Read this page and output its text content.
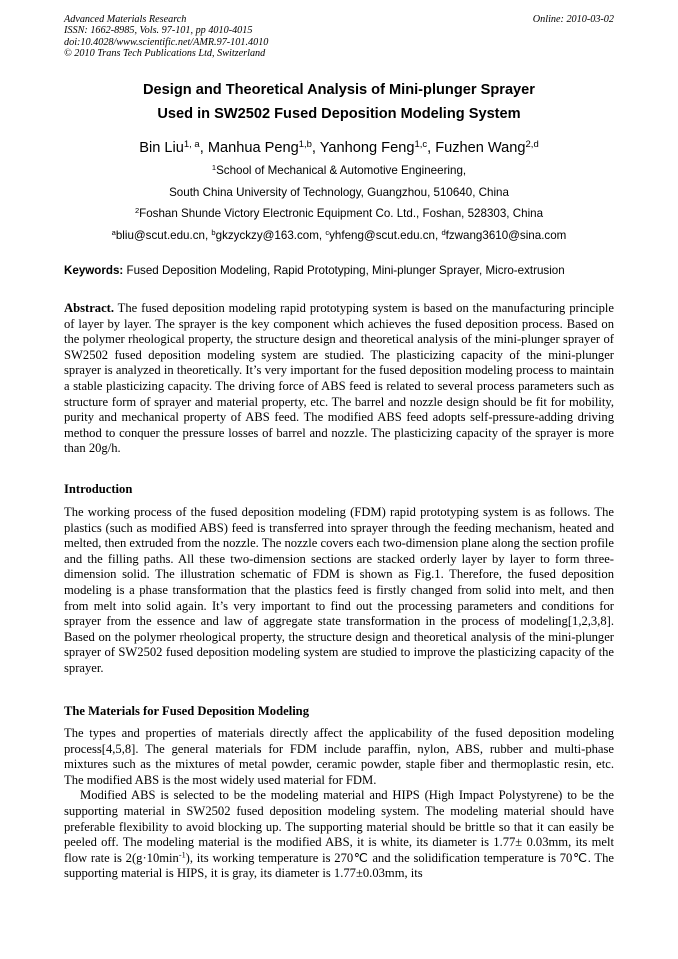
Advanced Materials Research
ISSN: 1662-8985, Vols. 97-101, pp 4010-4015
doi:10.4028/www.scientific.net/AMR.97-101.4010
© 2010 Trans Tech Publications Ltd, Switzerland
Online: 2010-03-02
Design and Theoretical Analysis of Mini-plunger Sprayer
Used in SW2502 Fused Deposition Modeling System
Bin Liu$^{1, a}$, Manhua Peng$^{1,b}$, Yanhong Feng$^{1,c}$, Fuzhen Wang$^{2,d}$
$^1$School of Mechanical & Automotive Engineering,
South China University of Technology, Guangzhou, 510640, China
$^2$Foshan Shunde Victory Electronic Equipment Co. Ltd., Foshan, 528303, China
$^a$bliu@scut.edu.cn, $^b$gkzyckzy@163.com, $^c$yhfeng@scut.edu.cn, $^d$fzwang3610@sina.com
Keywords: Fused Deposition Modeling, Rapid Prototyping, Mini-plunger Sprayer, Micro-extrusion

Abstract. The fused deposition modeling rapid prototyping system is based on the manufacturing principle of layer by layer. The sprayer is the key component which achieves the fused deposition process. Based on the polymer rheological property, the structure design and theoretical analysis of the mini-plunger sprayer of SW2502 fused deposition modeling system are studied. The plasticizing capacity of the mini-plunger sprayer is analyzed in theoretically. It’s very important for the fused deposition modeling process to maintain a stable plasticizing capacity. The driving force of ABS feed is related to several process parameters such as structure form of sprayer and material property, etc. The barrel and nozzle design should be fit for mobility, purity and mechanical property of ABS feed. The modified ABS feed adopts self-pressure-adding driving method to conquer the pressure losses of barrel and nozzle. The plasticizing capacity of the sprayer is more than 20g/h.

Introduction

The working process of the fused deposition modeling (FDM) rapid prototyping system is as follows. The plastics (such as modified ABS) feed is transferred into sprayer through the feeding mechanism, heated and melted, then extruded from the nozzle. The nozzle covers each two-dimension plane along the section profile and the filling paths. All these two-dimension sections are stacked orderly layer by layer to form three-dimension solid. The illustration schematic of FDM is shown as Fig.1. Therefore, the fused deposition modeling is a phase transformation that the plastics feed is firstly changed from solid into melt, and then from melt into solid again. It’s very important to find out the processing parameters and conditions for sprayer from the essence and law of aggregate state transformation in the process of modeling[1,2,3,8]. Based on the polymer rheological property, the structure design and theoretical analysis of the mini-plunger sprayer of SW2502 fused deposition modeling system are studied to improve the plasticizing capacity of the sprayer.

The Materials for Fused Deposition Modeling

The types and properties of materials directly affect the applicability of the fused deposition modeling process[4,5,8]. The general materials for FDM include paraffin, nylon, ABS, rubber and multi-phase mixtures such as the mixtures of metal powder, ceramic powder, staple fiber and thermoplastic resin, etc. The modified ABS is the most widely used material for FDM.

Modified ABS is selected to be the modeling material and HIPS (High Impact Polystyrene) to be the supporting material in SW2502 fused deposition modeling system. The modeling material should have preferable flexibility to avoid blocking up. The supporting material should be brittle so that it can easily be peeled off. The modeling material is the modified ABS, it is white, its diameter is 1.77± 0.03mm, its melt flow rate is $2(g\cdot 10\min^{-1})$, its working temperature is 270℃ and the solidification temperature is 70℃. The supporting material is HIPS, it is gray, its diameter is 1.77±0.03mm, its
